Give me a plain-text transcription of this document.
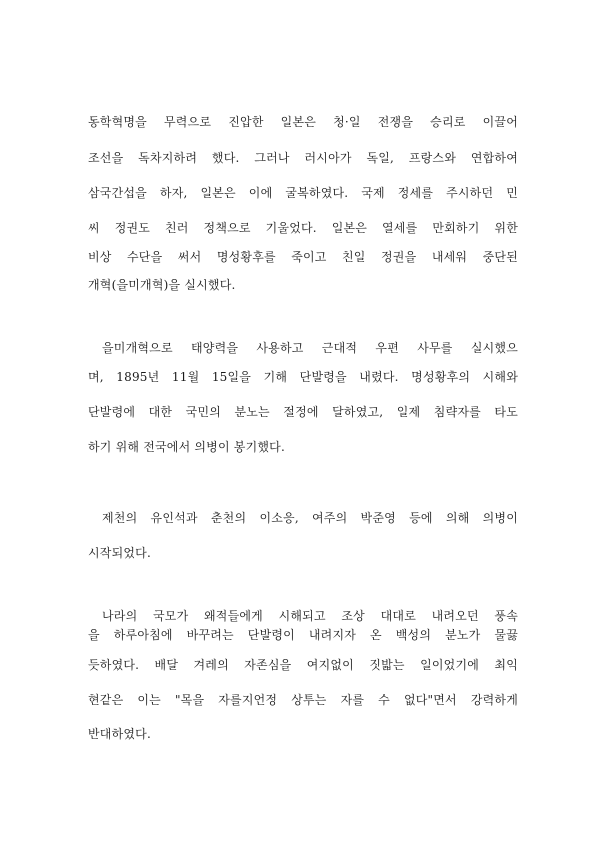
동학혁명을 무력으로 진압한 일본은 청·일 전쟁을 승리로 이끌어
조선을 독차지하려 했다. 그러나 러시아가 독일, 프랑스와 연합하여
삼국간섭을 하자, 일본은 이에 굴복하였다. 국제 정세를 주시하던 민
씨 정권도 친러 정책으로 기울었다. 일본은 열세를 만회하기 위한
비상 수단을 써서 명성황후를 죽이고 친일 정권을 내세워 중단된
개혁(을미개혁)을 실시했다.
을미개혁으로 태양력을 사용하고 근대적 우편 사무를 실시했으
며, 1895년 11월 15일을 기해 단발령을 내렸다. 명성황후의 시해와
단발령에 대한 국민의 분노는 절정에 달하였고, 일제 침략자를 타도
하기 위해 전국에서 의병이 봉기했다.
제천의 유인석과 춘천의 이소응, 여주의 박준영 등에 의해 의병이
시작되었다.
나라의 국모가 왜적들에게 시해되고 조상 대대로 내려오던 풍속
을 하루아침에 바꾸려는 단발령이 내려지자 온 백성의 분노가 물끓
듯하였다. 배달 겨레의 자존심을 여지없이 짓밟는 일이었기에 최익
현같은 이는 "목을 자를지언정 상투는 자를 수 없다"면서 강력하게
반대하였다.
